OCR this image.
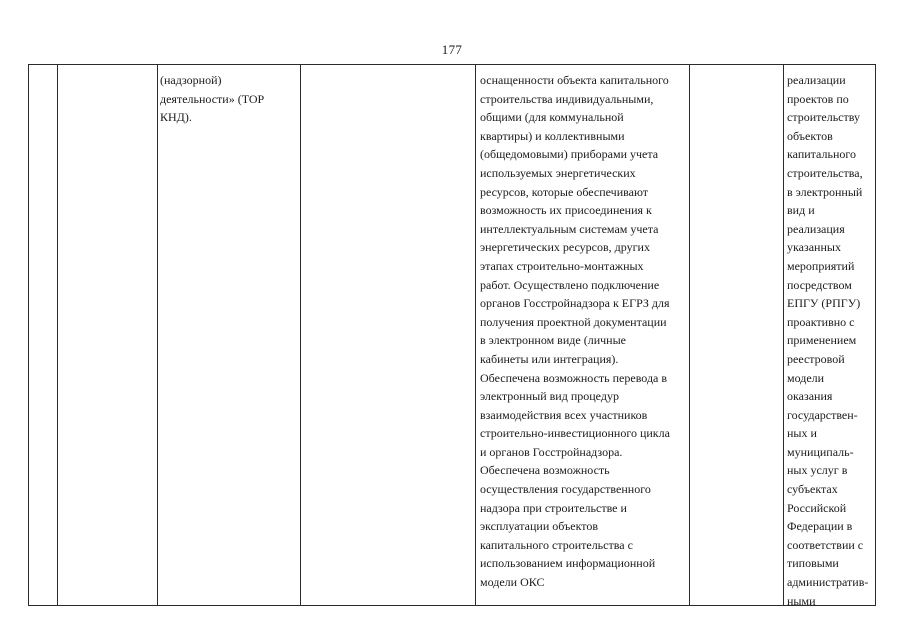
177
(надзорной)
деятельности» (ТОР
КНД).
оснащенности объекта капитального
строительства индивидуальными,
общими (для коммунальной
квартиры) и коллективными
(общедомовыми) приборами учета
используемых энергетических
ресурсов, которые обеспечивают
возможность их присоединения к
интеллектуальным системам учета
энергетических ресурсов, других
этапах строительно-монтажных
работ. Осуществлено подключение
органов Госстройнадзора к ЕГРЗ для
получения проектной документации
в электронном виде (личные
кабинеты или интеграция).
Обеспечена возможность перевода в
электронный вид процедур
взаимодействия всех участников
строительно-инвестиционного цикла
и органов Госстройнадзора.
Обеспечена возможность
осуществления государственного
надзора при строительстве и
эксплуатации объектов
капитального строительства с
использованием информационной
модели ОКС
реализации
проектов по
строительству
объектов
капитального
строительства,
в электронный
вид и
реализация
указанных
мероприятий
посредством
ЕПГУ (РПГУ)
проактивно с
применением
реестровой
модели
оказания
государствен-
ных и
муниципаль-
ных услуг в
субъектах
Российской
Федерации в
соответствии с
типовыми
административ-
ными
